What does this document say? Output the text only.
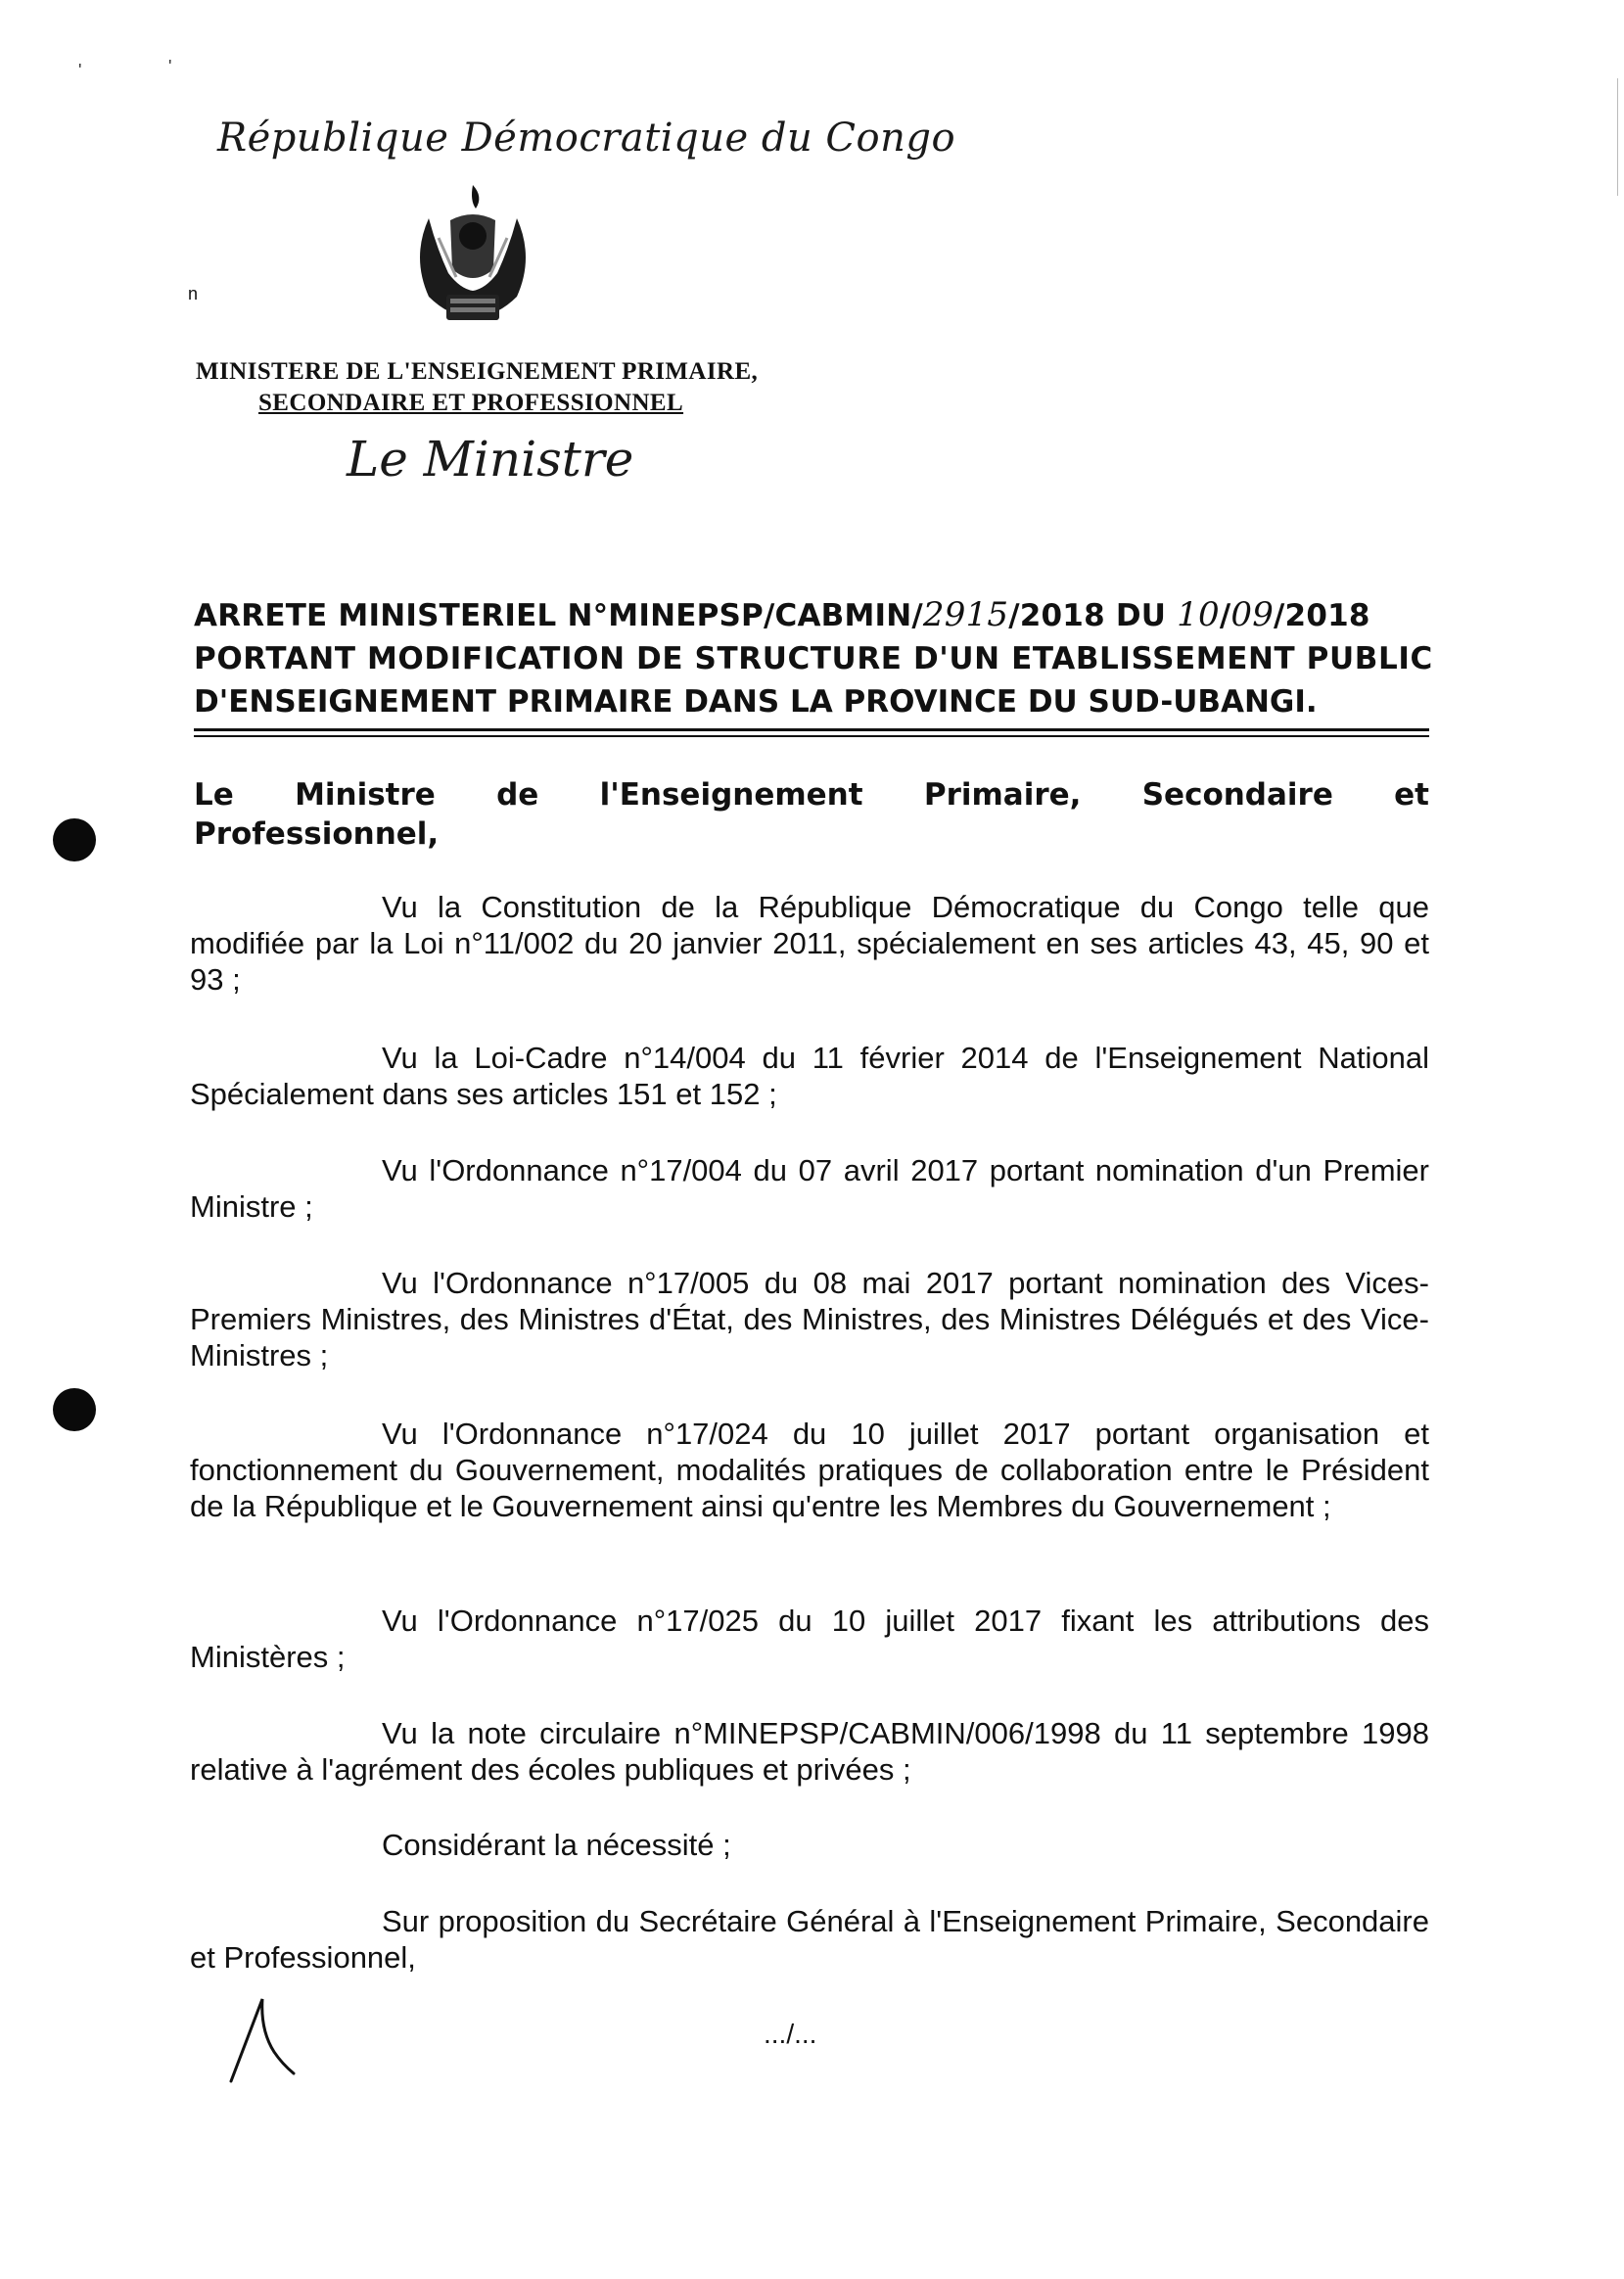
'	'
République Démocratique du Congo
n
MINISTERE DE L'ENSEIGNEMENT PRIMAIRE,
SECONDAIRE ET PROFESSIONNEL
Le Ministre
ARRETE MINISTERIEL N°MINEPSP/CABMIN/2915/2018 DU 10/09/2018
PORTANT MODIFICATION DE STRUCTURE D'UN ETABLISSEMENT PUBLIC
D'ENSEIGNEMENT PRIMAIRE DANS LA PROVINCE DU SUD-UBANGI.
Le Ministre de l'Enseignement Primaire, Secondaire et Professionnel,
Vu la Constitution de la République Démocratique du Congo telle que modifiée par la Loi n°11/002 du 20 janvier 2011, spécialement en ses articles 43, 45, 90 et 93 ;
Vu la Loi-Cadre n°14/004 du 11 février 2014 de l'Enseignement National Spécialement dans ses articles 151 et 152 ;
Vu l'Ordonnance n°17/004 du 07 avril 2017 portant nomination d'un Premier Ministre ;
Vu l'Ordonnance n°17/005 du 08 mai 2017 portant nomination des Vices-Premiers Ministres, des Ministres d'État, des Ministres, des Ministres Délégués et des Vice-Ministres ;
Vu l'Ordonnance n°17/024 du 10 juillet 2017 portant organisation et fonctionnement du Gouvernement, modalités pratiques de collaboration entre le Président de la République et le Gouvernement ainsi qu'entre les Membres du Gouvernement ;
Vu l'Ordonnance n°17/025 du 10 juillet 2017 fixant les attributions des Ministères ;
Vu la note circulaire n°MINEPSP/CABMIN/006/1998 du 11 septembre 1998 relative à l'agrément des écoles publiques et privées ;
Considérant la nécessité ;
Sur proposition du Secrétaire Général à l'Enseignement Primaire, Secondaire et Professionnel,
.../...
